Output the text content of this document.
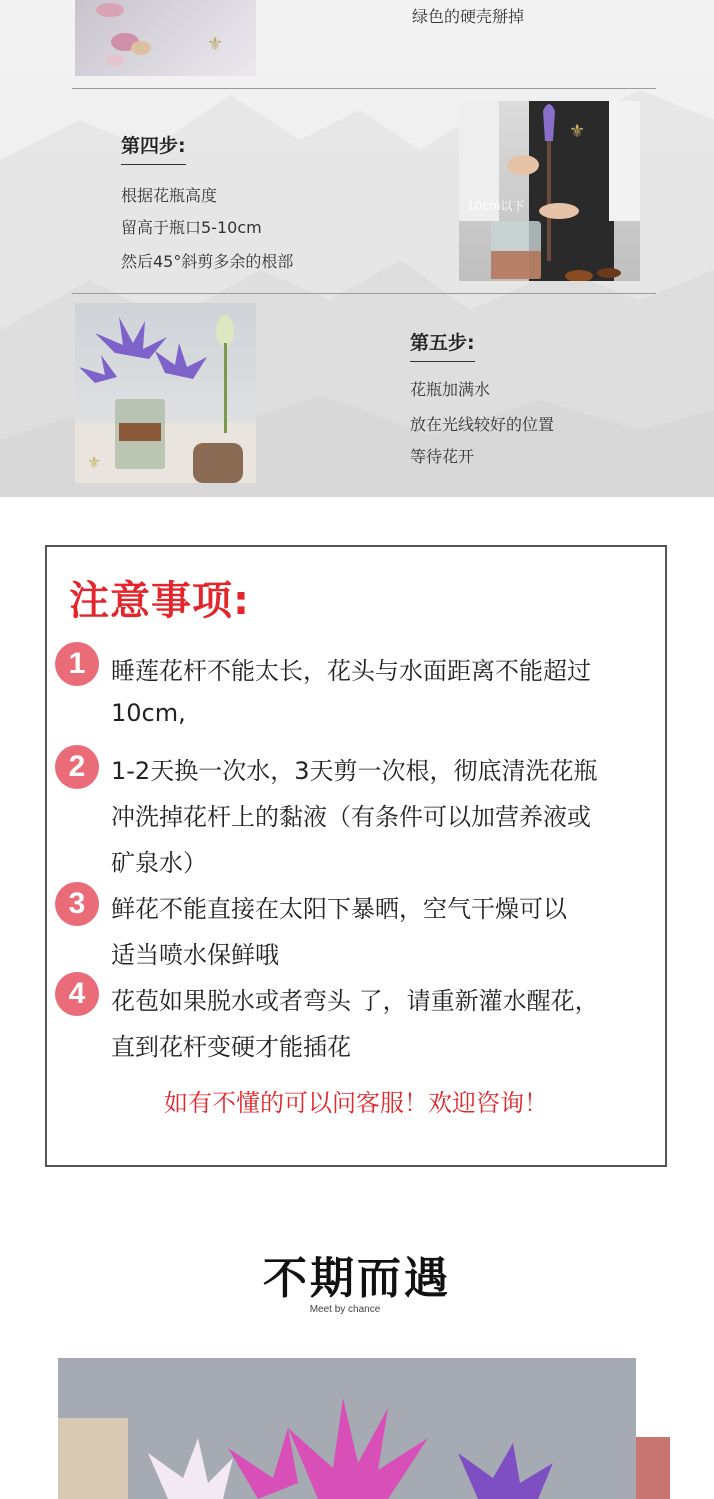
⚜
绿色的硬壳掰掉
第四步:
根据花瓶高度
留高于瓶口5-10cm
然后45°斜剪多余的根部
⚜
10cm以下
⚜
第五步:
花瓶加满水
放在光线较好的位置
等待花开
注意事项:
1	睡莲花杆不能太长，花头与水面距离不能超过
10cm,
2	1-2天换一次水，3天剪一次根，彻底清洗花瓶
冲洗掉花杆上的黏液（有条件可以加营养液或
矿泉水）
3	鲜花不能直接在太阳下暴晒，空气干燥可以
适当喷水保鲜哦
4	花苞如果脱水或者弯头 了，请重新灌水醒花，
直到花杆变硬才能插花
如有不懂的可以问客服！欢迎咨询！
不期而遇
Meet by chance
